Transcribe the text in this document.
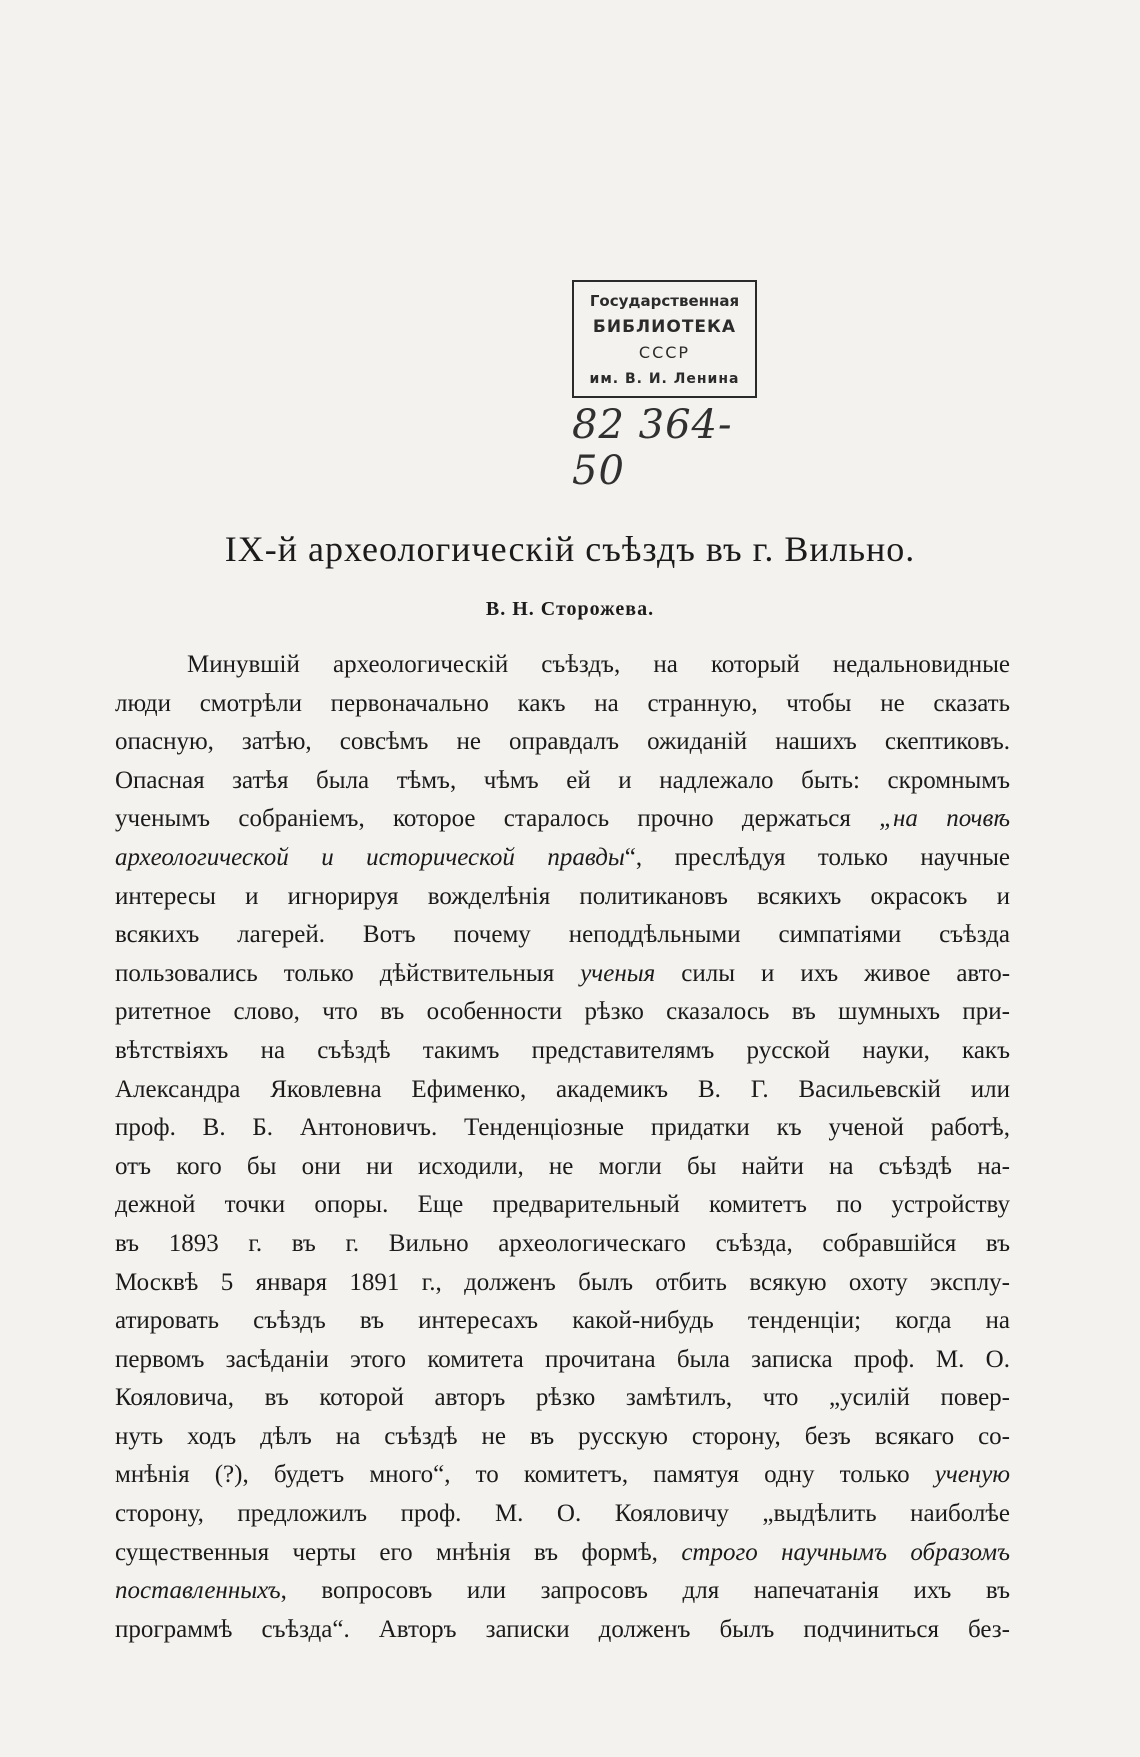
Государственная
БИБЛИОТЕКА
СССР
им. В. И. Ленина
82 364-50
IX-й археологическій съѣздъ въ г. Вильно.
В. Н. Сторожева.
Минувшій археологическій съѣздъ, на который недальновидные
люди смотрѣли первоначально какъ на странную, чтобы не сказать
опасную, затѣю, совсѣмъ не оправдалъ ожиданій нашихъ скептиковъ.
Опасная затѣя была тѣмъ, чѣмъ ей и надлежало быть: скромнымъ
ученымъ собраніемъ, которое старалось прочно держаться „на почвѣ
археологической и исторической правды“, преслѣдуя только научные
интересы и игнорируя вожделѣнія политикановъ всякихъ окрасокъ и
всякихъ лагерей. Вотъ почему неподдѣльными симпатіями съѣзда
пользовались только дѣйствительныя ученыя силы и ихъ живое авто-
ритетное слово, что въ особенности рѣзко сказалось въ шумныхъ при-
вѣтствіяхъ на съѣздѣ такимъ представителямъ русской науки, какъ
Александра Яковлевна Ефименко, академикъ В. Г. Васильевскій или
проф. В. Б. Антоновичъ. Тенденціозные придатки къ ученой работѣ,
отъ кого бы они ни исходили, не могли бы найти на съѣздѣ на-
дежной точки опоры. Еще предварительный комитетъ по устройству
въ 1893 г. въ г. Вильно археологическаго съѣзда, собравшійся въ
Москвѣ 5 января 1891 г., долженъ былъ отбить всякую охоту эксплу-
атировать съѣздъ въ интересахъ какой-нибудь тенденціи; когда на
первомъ засѣданіи этого комитета прочитана была записка проф. М. О.
Кояловича, въ которой авторъ рѣзко замѣтилъ, что „усилій повер-
нуть ходъ дѣлъ на съѣздѣ не въ русскую сторону, безъ всякаго со-
мнѣнія (?), будетъ много“, то комитетъ, памятуя одну только ученую
сторону, предложилъ проф. М. О. Кояловичу „выдѣлить наиболѣе
существенныя черты его мнѣнія въ формѣ, строго научнымъ образомъ
поставленныхъ, вопросовъ или запросовъ для напечатанія ихъ въ
программѣ съѣзда“. Авторъ записки долженъ былъ подчиниться без-
